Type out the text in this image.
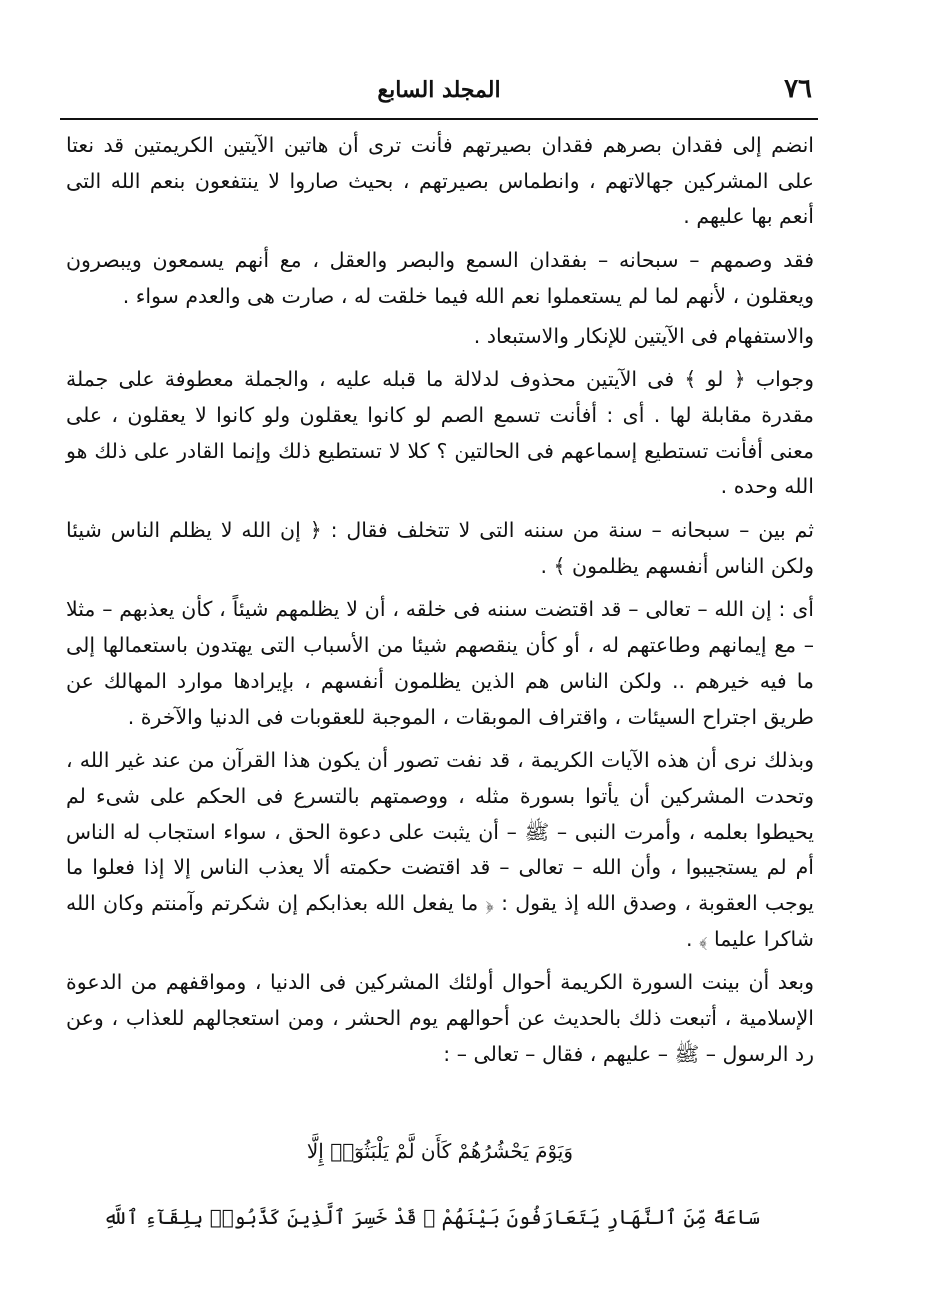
٧٦
المجلد السابع

انضم إلى فقدان بصرهم فقدان بصيرتهم فأنت ترى أن هاتين الآيتين الكريمتين قد نعتا على المشركين جهالاتهم ، وانطماس بصيرتهم ، بحيث صاروا لا ينتفعون بنعم الله التى أنعم بها عليهم .

فقد وصمهم – سبحانه – بفقدان السمع والبصر والعقل ، مع أنهم يسمعون ويبصرون ويعقلون ، لأنهم لما لم يستعملوا نعم الله فيما خلقت له ، صارت هى والعدم سواء .

والاستفهام فى الآيتين للإنكار والاستبعاد .

وجواب ﴿ لو ﴾ فى الآيتين محذوف لدلالة ما قبله عليه ، والجملة معطوفة على جملة مقدرة مقابلة لها . أى : أفأنت تسمع الصم لو كانوا يعقلون ولو كانوا لا يعقلون ، على معنى أفأنت تستطيع إسماعهم فى الحالتين ؟ كلا لا تستطيع ذلك وإنما القادر على ذلك هو الله وحده .

ثم بين – سبحانه – سنة من سننه التى لا تتخلف فقال : ﴿ إن الله لا يظلم الناس شيئا ولكن الناس أنفسهم يظلمون ﴾ .

أى : إن الله – تعالى – قد اقتضت سننه فى خلقه ، أن لا يظلمهم شيئاً ، كأن يعذبهم – مثلا – مع إيمانهم وطاعتهم له ، أو كأن ينقصهم شيئا من الأسباب التى يهتدون باستعمالها إلى ما فيه خيرهم .. ولكن الناس هم الذين يظلمون أنفسهم ، بإيرادها موارد المهالك عن طريق اجتراح السيئات ، واقتراف الموبقات ، الموجبة للعقوبات فى الدنيا والآخرة .

وبذلك نرى أن هذه الآيات الكريمة ، قد نفت تصور أن يكون هذا القرآن من عند غير الله ، وتحدت المشركين أن يأتوا بسورة مثله ، ووصمتهم بالتسرع فى الحكم على شىء لم يحيطوا بعلمه ، وأمرت النبى – ﷺ – أن يثبت على دعوة الحق ، سواء استجاب له الناس أم لم يستجيبوا ، وأن الله – تعالى – قد اقتضت حكمته ألا يعذب الناس إلا إذا فعلوا ما يوجب العقوبة ، وصدق الله إذ يقول : ﴿ ما يفعل الله بعذابكم إن شكرتم وآمنتم وكان الله شاكرا عليما ﴾ .

وبعد أن بينت السورة الكريمة أحوال أولئك المشركين فى الدنيا ، ومواقفهم من الدعوة الإسلامية ، أتبعت ذلك بالحديث عن أحوالهم يوم الحشر ، ومن استعجالهم للعذاب ، وعن رد الرسول – ﷺ – عليهم ، فقال – تعالى – :

وَيَوْمَ يَحْشُرُهُمْ كَأَن لَّمْ يَلْبَثُوٓا۟ إِلَّا
سَاعَةً مِّنَ ٱلنَّهَارِ يَتَعَارَفُونَ بَيْنَهُمْ ۚ قَدْ خَسِرَ ٱلَّذِينَ كَذَّبُوا۟ بِلِقَآءِ ٱللَّهِ
